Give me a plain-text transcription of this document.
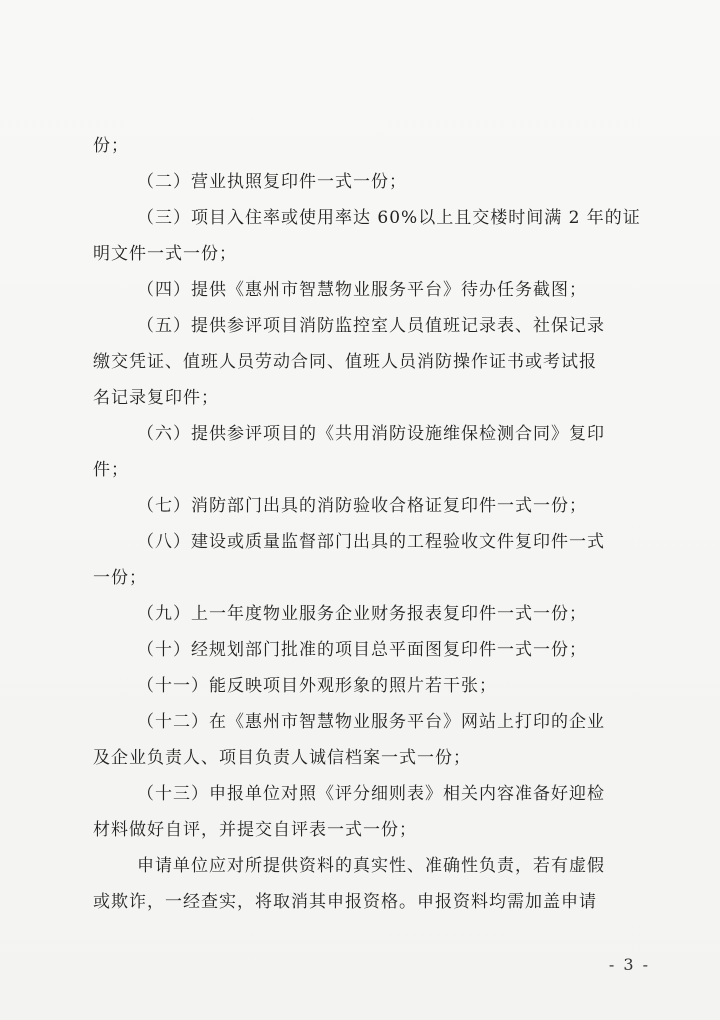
份；
（二）营业执照复印件一式一份；
（三）项目入住率或使用率达 60%以上且交楼时间满 2 年的证
明文件一式一份；
（四）提供《惠州市智慧物业服务平台》待办任务截图；
（五）提供参评项目消防监控室人员值班记录表、社保记录
缴交凭证、值班人员劳动合同、值班人员消防操作证书或考试报
名记录复印件；
（六）提供参评项目的《共用消防设施维保检测合同》复印
件；
（七）消防部门出具的消防验收合格证复印件一式一份；
（八）建设或质量监督部门出具的工程验收文件复印件一式
一份；
（九）上一年度物业服务企业财务报表复印件一式一份；
（十）经规划部门批准的项目总平面图复印件一式一份；
（十一）能反映项目外观形象的照片若干张；
（十二）在《惠州市智慧物业服务平台》网站上打印的企业
及企业负责人、项目负责人诚信档案一式一份；
（十三）申报单位对照《评分细则表》相关内容准备好迎检
材料做好自评，并提交自评表一式一份；
申请单位应对所提供资料的真实性、准确性负责，若有虚假
或欺诈，一经查实，将取消其申报资格。申报资料均需加盖申请
- 3 -
